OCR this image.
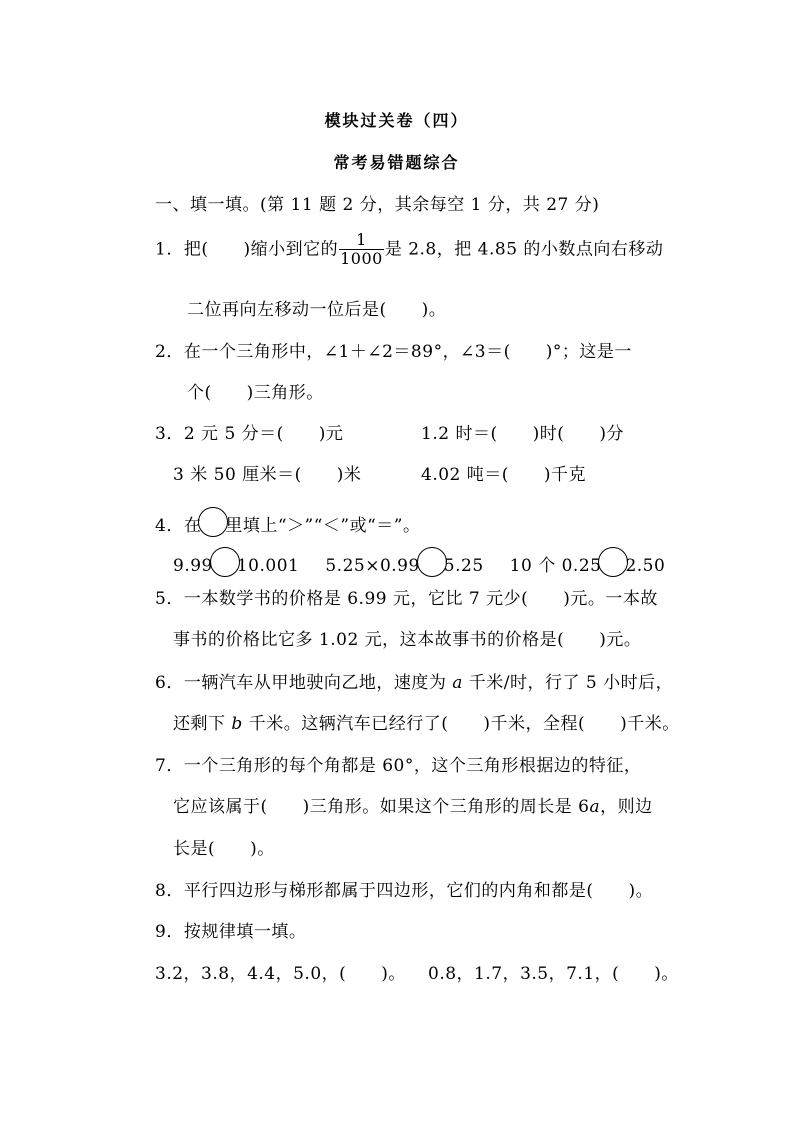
模块过关卷（四）
常考易错题综合
一、填一填。(第 11 题 2 分，其余每空 1 分，共 27 分)
1．把(　　)缩小到它的 $\frac{1}{1000}$ 是 2.8，把 4.85 的小数点向右移动
二位再向左移动一位后是(　　)。
2．在一个三角形中，∠1＋∠2＝89°，∠3＝(　　)°；这是一
个(　　)三角形。
3．2 元 5 分＝(　　)元	1.2 时＝(　　)时(　　)分
3 米 50 厘米＝(　　)米	4.02 吨＝(　　)千克
4．在 里填上“＞”“＜”或“＝”。
9.99 10.001 5.25×0.99 5.25 10 个 0.25 2.50
5．一本数学书的价格是 6.99 元，它比 7 元少(　　)元。一本故
事书的价格比它多 1.02 元，这本故事书的价格是(　　)元。
6．一辆汽车从甲地驶向乙地，速度为 a 千米/时，行了 5 小时后，
还剩下 b 千米。这辆汽车已经行了(　　)千米，全程(　　)千米。
7．一个三角形的每个角都是 60°，这个三角形根据边的特征，
它应该属于(　　)三角形。如果这个三角形的周长是 6a，则边
长是(　　)。
8．平行四边形与梯形都属于四边形，它们的内角和都是(　　)。
9．按规律填一填。
3.2，3.8，4.4，5.0，(　　)。 0.8，1.7，3.5，7.1，(　　)。
